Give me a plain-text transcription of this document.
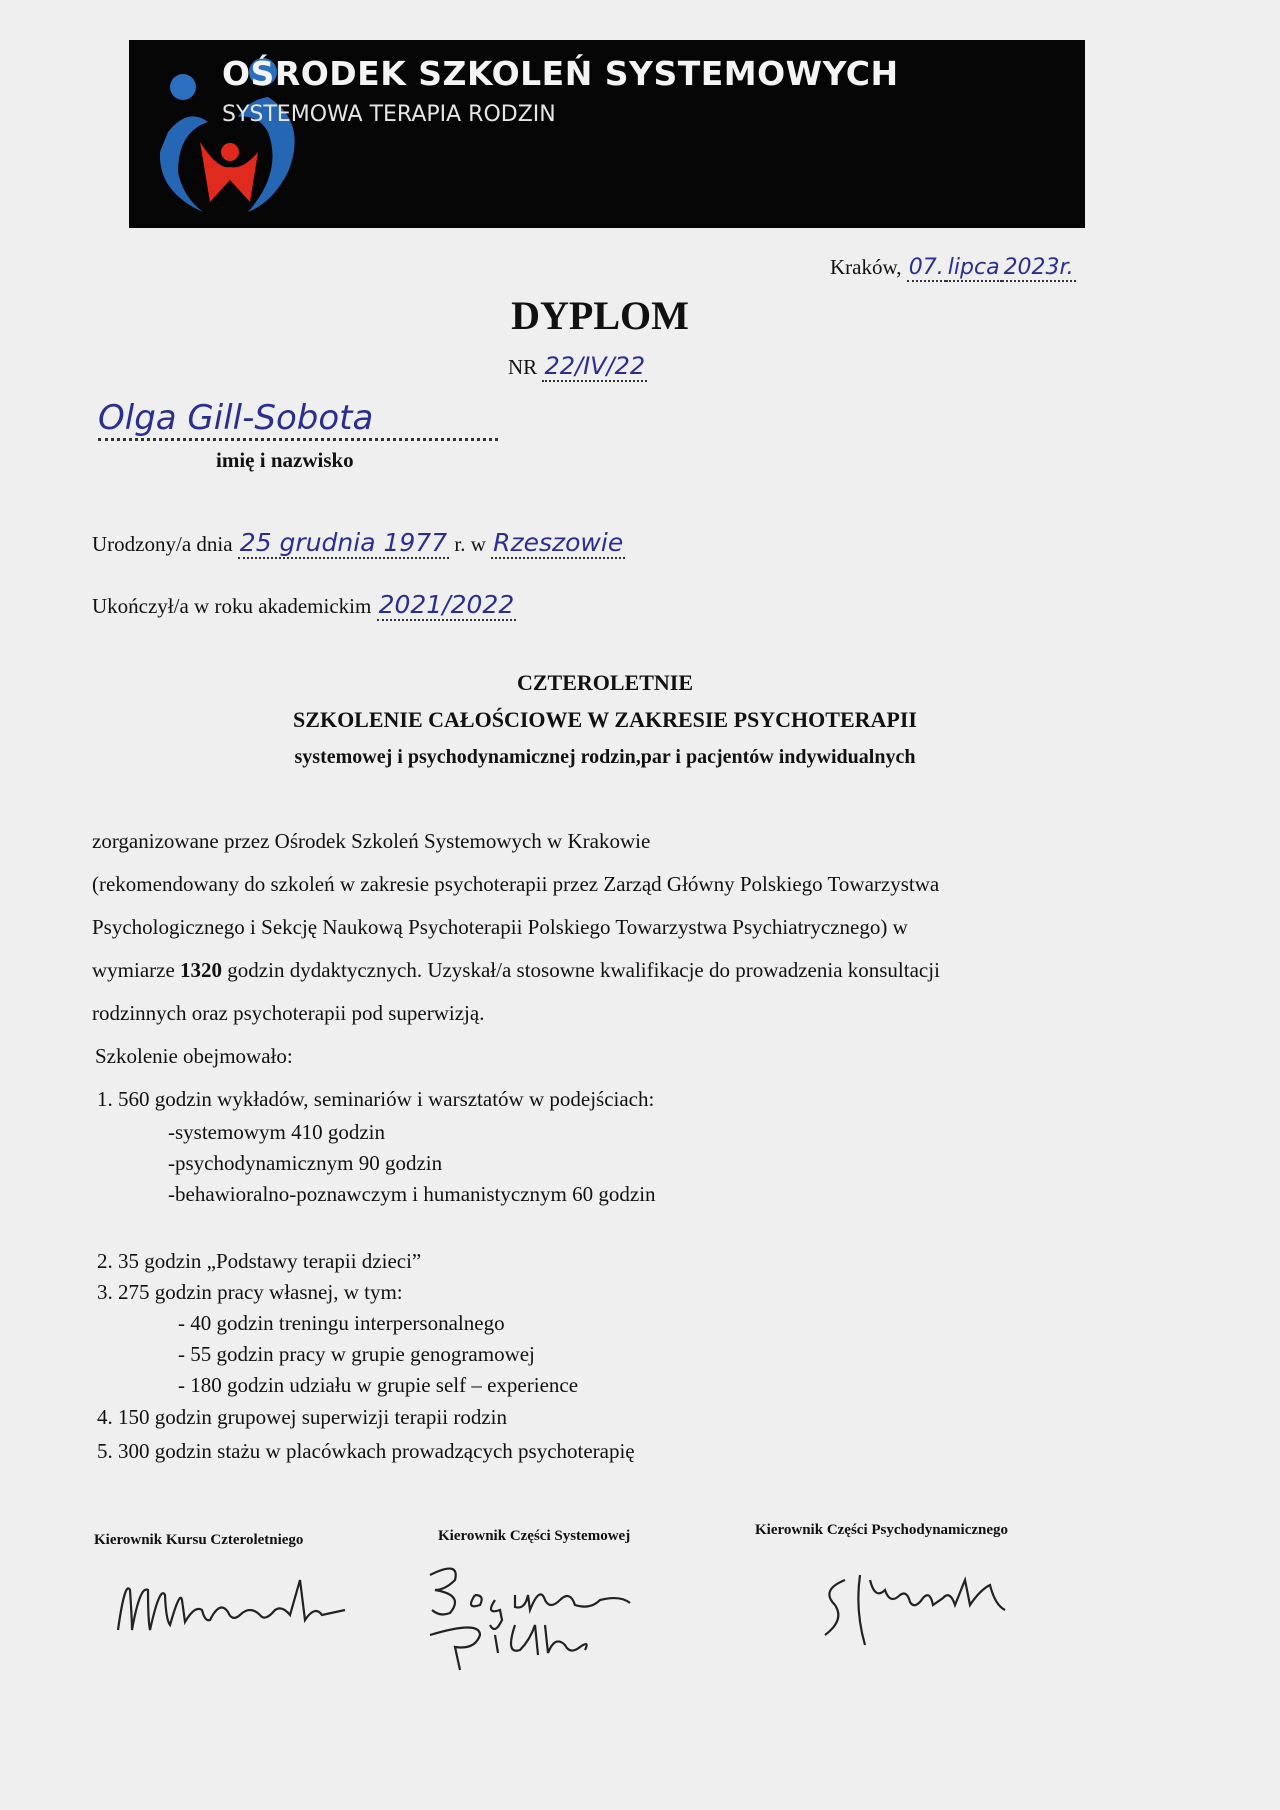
OŚRODEK SZKOLEŃ SYSTEMOWYCH
SYSTEMOWA TERAPIA RODZIN
Kraków, 07. lipca 2023r.
DYPLOM
NR 22/IV/22
Olga Gill-Sobota
imię i nazwisko
Urodzony/a dnia 25 grudnia 1977 r. w Rzeszowie
Ukończył/a w roku akademickim 2021/2022
CZTEROLETNIE
SZKOLENIE CAŁOŚCIOWE W ZAKRESIE PSYCHOTERAPII
systemowej i psychodynamicznej rodzin,par i pacjentów indywidualnych
zorganizowane przez Ośrodek Szkoleń Systemowych w Krakowie
(rekomendowany do szkoleń w zakresie psychoterapii przez Zarząd Główny Polskiego Towarzystwa
Psychologicznego i Sekcję Naukową Psychoterapii Polskiego Towarzystwa Psychiatrycznego) w
wymiarze 1320 godzin dydaktycznych. Uzyskał/a stosowne kwalifikacje do prowadzenia konsultacji
rodzinnych oraz psychoterapii pod superwizją.
Szkolenie obejmowało:
1. 560 godzin wykładów, seminariów i warsztatów w podejściach:
-systemowym 410 godzin
-psychodynamicznym 90 godzin
-behawioralno-poznawczym i humanistycznym 60 godzin
2. 35 godzin „Podstawy terapii dzieci”
3. 275 godzin pracy własnej, w tym:
- 40 godzin treningu interpersonalnego
- 55 godzin pracy w grupie genogramowej
- 180 godzin udziału w grupie self – experience
4. 150 godzin grupowej superwizji terapii rodzin
5. 300 godzin stażu w placówkach prowadzących psychoterapię
Kierownik Kursu Czteroletniego	Kierownik Części Systemowej	Kierownik Części Psychodynamicznego
